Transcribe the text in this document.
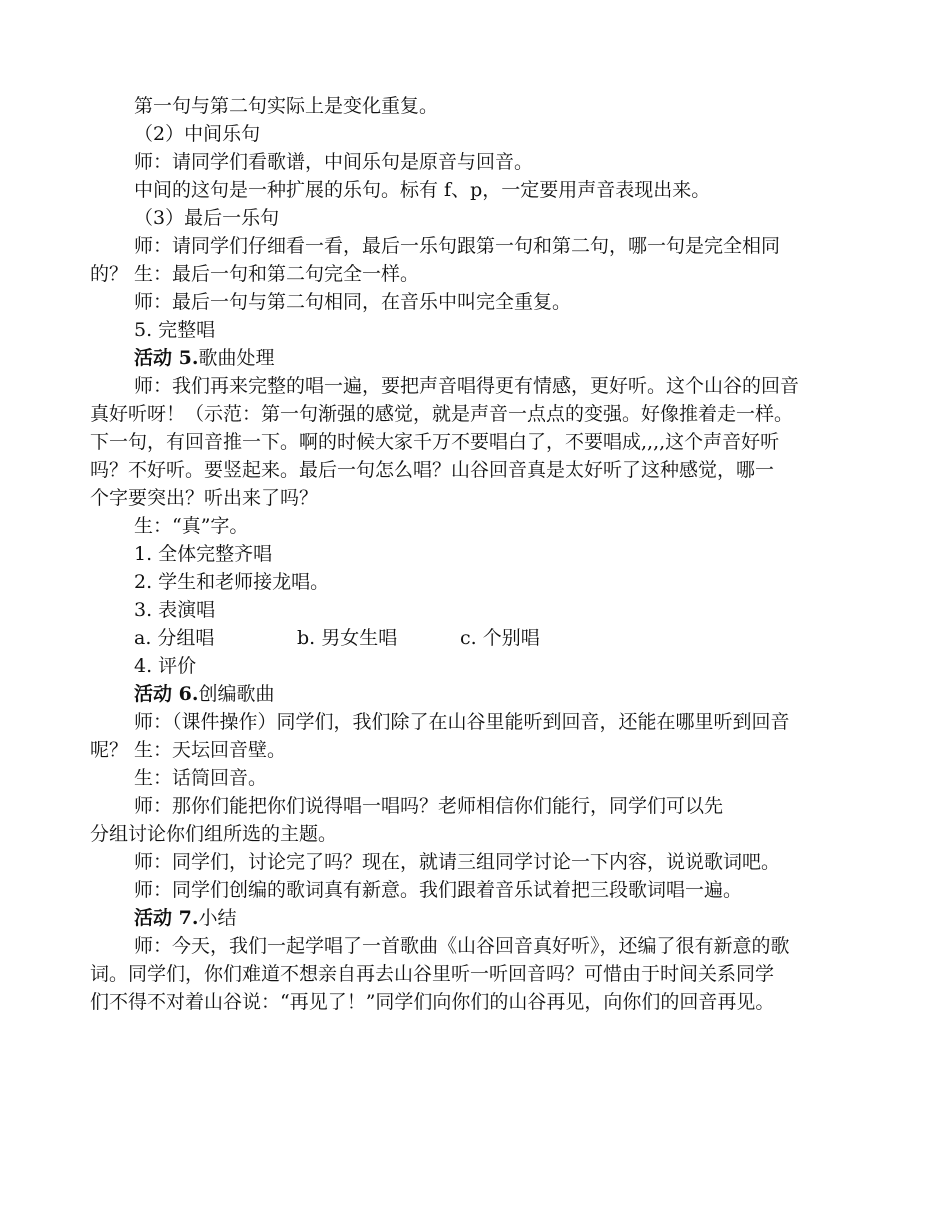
第一句与第二句实际上是变化重复。
（2）中间乐句
师：请同学们看歌谱，中间乐句是原音与回音。
中间的这句是一种扩展的乐句。标有 f、p，一定要用声音表现出来。
（3）最后一乐句
师：请同学们仔细看一看，最后一乐句跟第一句和第二句，哪一句是完全相同
的？ 生：最后一句和第二句完全一样。
师：最后一句与第二句相同，在音乐中叫完全重复。
5. 完整唱
活动 5.歌曲处理
师：我们再来完整的唱一遍，要把声音唱得更有情感，更好听。这个山谷的回音
真好听呀！（示范：第一句渐强的感觉，就是声音一点点的变强。好像推着走一样。
下一句，有回音推一下。啊的时候大家千万不要唱白了，不要唱成,,,,这个声音好听
吗？不好听。要竖起来。最后一句怎么唱？山谷回音真是太好听了这种感觉，哪一
个字要突出？听出来了吗？
生：“真”字。
1. 全体完整齐唱
2. 学生和老师接龙唱。
3. 表演唱
a. 分组唱	b. 男女生唱	c. 个别唱
4. 评价
活动 6.创编歌曲
师：（课件操作）同学们，我们除了在山谷里能听到回音，还能在哪里听到回音
呢？ 生：天坛回音壁。
生：话筒回音。
师：那你们能把你们说得唱一唱吗？老师相信你们能行，同学们可以先
分组讨论你们组所选的主题。
师：同学们，讨论完了吗？现在，就请三组同学讨论一下内容，说说歌词吧。
师：同学们创编的歌词真有新意。我们跟着音乐试着把三段歌词唱一遍。
活动 7.小结
师：今天，我们一起学唱了一首歌曲《山谷回音真好听》，还编了很有新意的歌
词。同学们，你们难道不想亲自再去山谷里听一听回音吗？可惜由于时间关系同学
们不得不对着山谷说：“再见了！”同学们向你们的山谷再见，向你们的回音再见。
